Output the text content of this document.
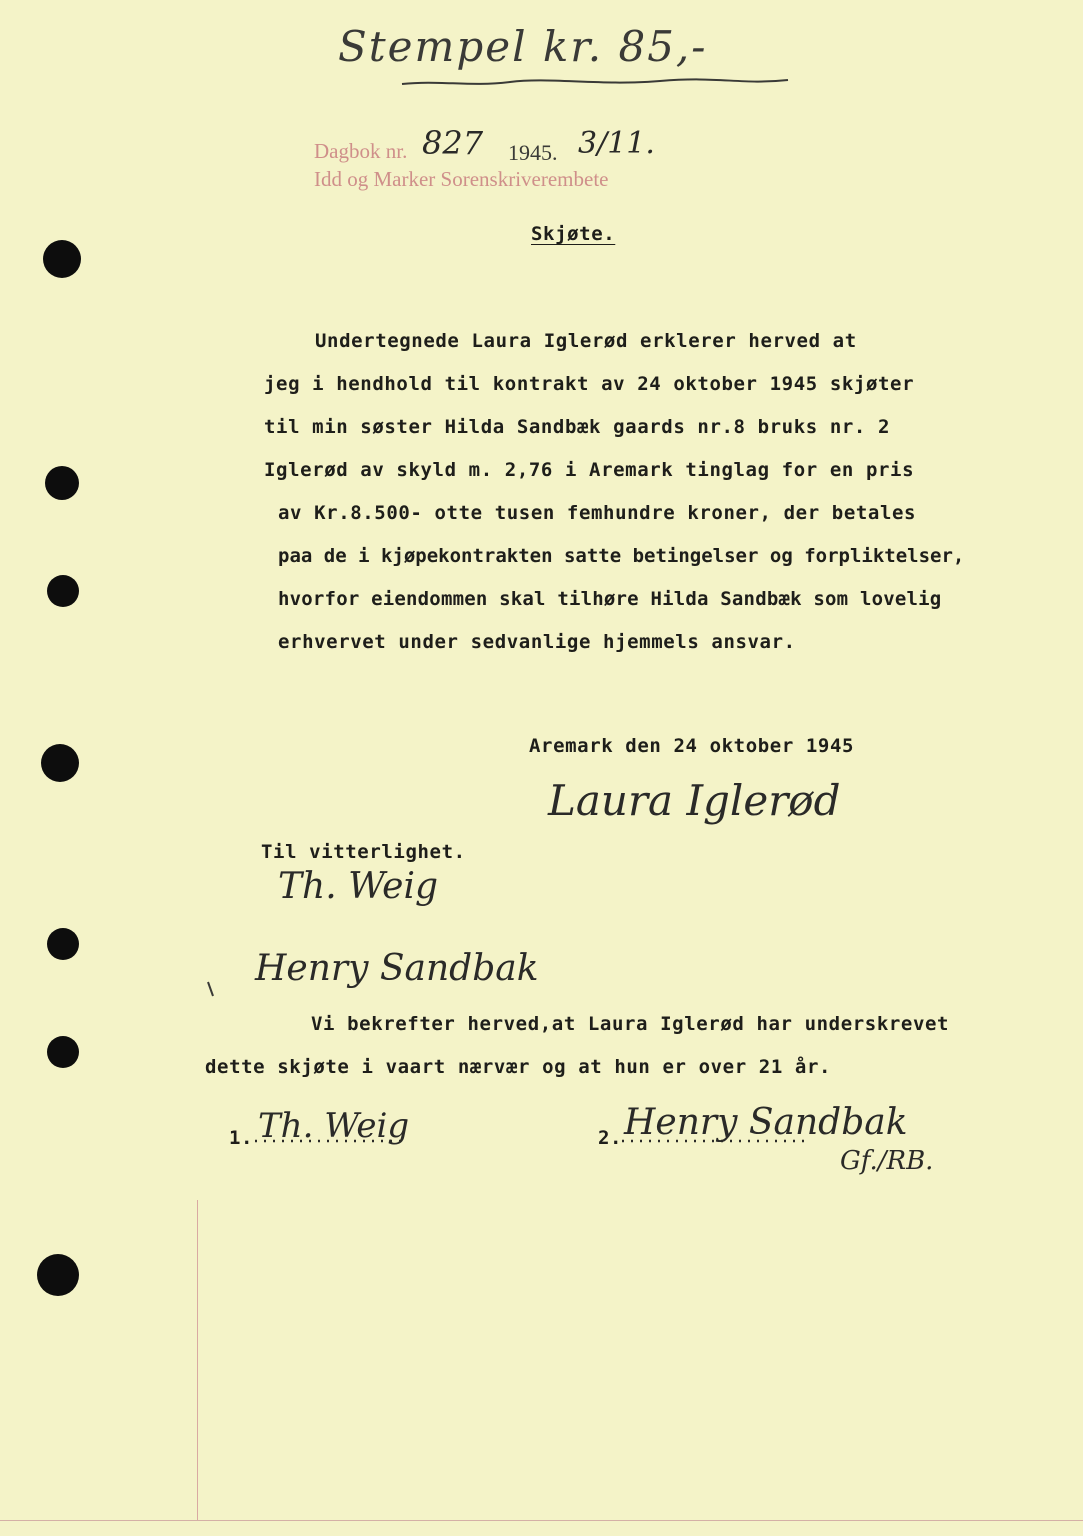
Stempel kr. 85,-
Dagbok nr. 827 1945. 3/11.
Idd og Marker Sorenskriverembete
Skjøte.
Undertegnede Laura Iglerød erklerer herved at
jeg i hendhold til kontrakt av 24 oktober 1945 skjøter
til min søster Hilda Sandbæk gaards nr.8 bruks nr. 2
Iglerød av skyld m. 2,76 i Aremark tinglag for en pris
av Kr.8.500- otte tusen femhundre kroner, der betales
paa de i kjøpekontrakten satte betingelser og forpliktelser,
hvorfor eiendommen skal tilhøre Hilda Sandbæk som lovelig
erhvervet under sedvanlige hjemmels ansvar.
Aremark den 24 oktober 1945
Laura Iglerød
Til vitterlighet.
Th. Weig
Henry Sandbak
Vi bekrefter herved,at Laura Iglerød har underskrevet
dette skjøte i vaart nærvær og at hun er over 21 år.
1. Th. Weig	2. Henry Sandbak
Gf./RB.
